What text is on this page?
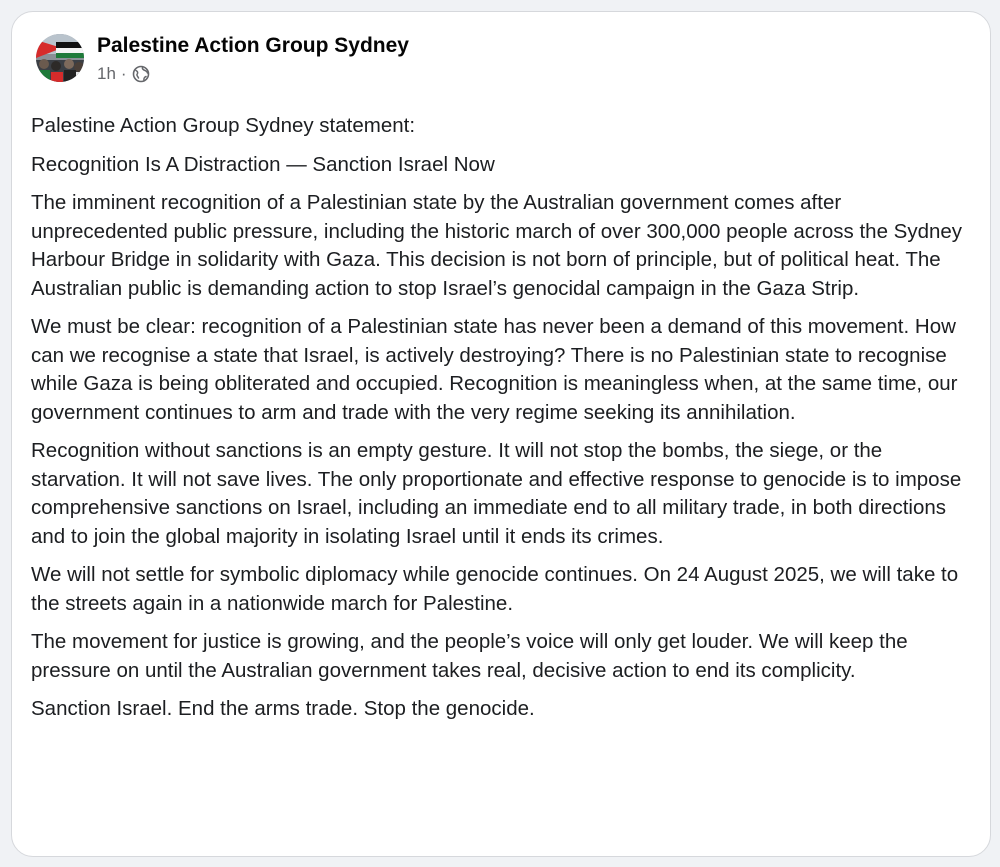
Palestine Action Group Sydney
1h ·

Palestine Action Group Sydney statement:

Recognition Is A Distraction — Sanction Israel Now

The imminent recognition of a Palestinian state by the Australian government comes after unprecedented public pressure, including the historic march of over 300,000 people across the Sydney Harbour Bridge in solidarity with Gaza. This decision is not born of principle, but of political heat. The Australian public is demanding action to stop Israel’s genocidal campaign in the Gaza Strip.

We must be clear: recognition of a Palestinian state has never been a demand of this movement. How can we recognise a state that Israel, is actively destroying? There is no Palestinian state to recognise while Gaza is being obliterated and occupied. Recognition is meaningless when, at the same time, our government continues to arm and trade with the very regime seeking its annihilation.

Recognition without sanctions is an empty gesture. It will not stop the bombs, the siege, or the starvation. It will not save lives. The only proportionate and effective response to genocide is to impose comprehensive sanctions on Israel, including an immediate end to all military trade, in both directions and to join the global majority in isolating Israel until it ends its crimes.

We will not settle for symbolic diplomacy while genocide continues. On 24 August 2025, we will take to the streets again in a nationwide march for Palestine.

The movement for justice is growing, and the people’s voice will only get louder. We will keep the pressure on until the Australian government takes real, decisive action to end its complicity.

Sanction Israel. End the arms trade. Stop the genocide.
